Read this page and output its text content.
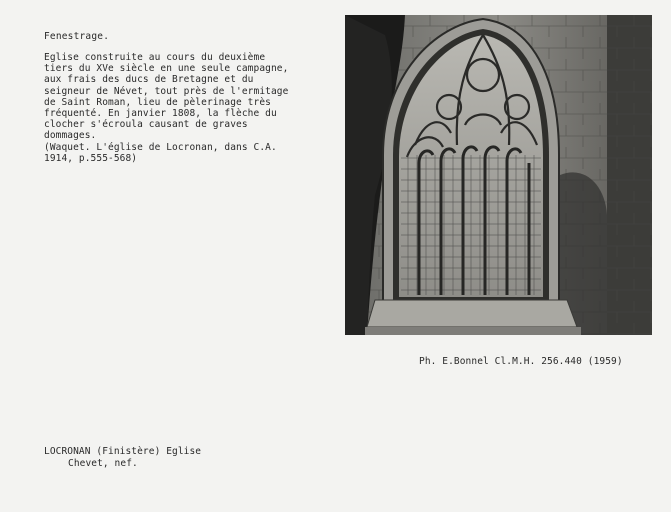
Fenestrage.
Eglise construite au cours du deuxième
tiers du XVe siècle en une seule campagne,
aux frais des ducs de Bretagne et du
seigneur de Névet, tout près de l'ermitage
de Saint Roman, lieu de pèlerinage très
fréquenté. En janvier 1808, la flèche du
clocher s'écroula causant de graves
dommages.
(Waquet. L'église de Locronan, dans C.A.
1914, p.555-568)
Ph. E.Bonnel Cl.M.H. 256.440 (1959)
LOCRONAN (Finistère) Eglise
Chevet, nef.
